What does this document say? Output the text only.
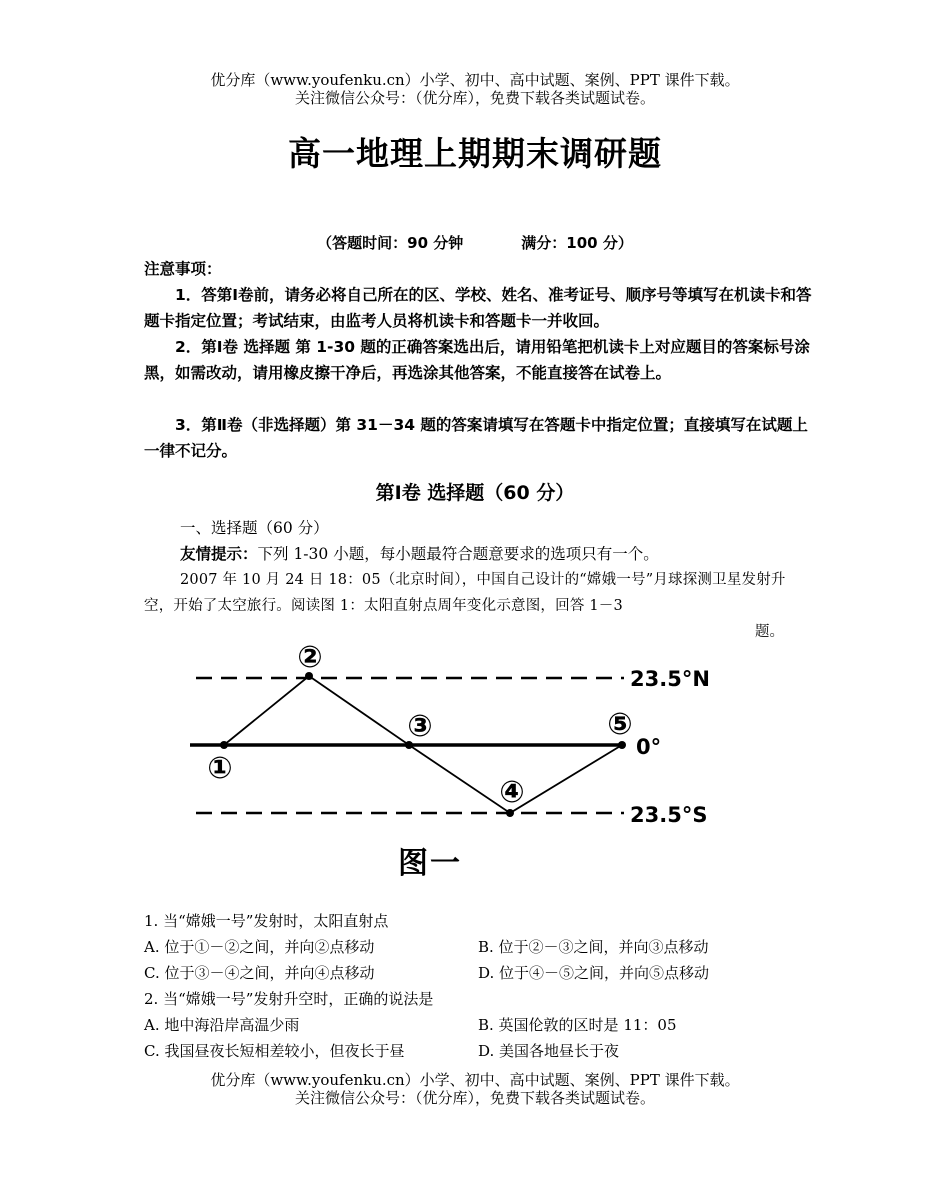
优分库（www.youfenku.cn）小学、初中、高中试题、案例、PPT 课件下载。
关注微信公众号：（优分库），免费下载各类试题试卷。
高一地理上期期末调研题
（答题时间：90 分钟	满分：100 分）
注意事项：
1．答第Ⅰ卷前，请务必将自己所在的区、学校、姓名、准考证号、顺序号等填写在机读卡和答题卡指定位置；考试结束，由监考人员将机读卡和答题卡一并收回。
2．第Ⅰ卷 选择题 第 1-30 题的正确答案选出后，请用铅笔把机读卡上对应题目的答案标号涂黑，如需改动，请用橡皮擦干净后，再选涂其他答案，不能直接答在试卷上。
3．第Ⅱ卷（非选择题）第 31－34 题的答案请填写在答题卡中指定位置；直接填写在试题上一律不记分。
第Ⅰ卷 选择题（60 分）
一、选择题（60 分）
友情提示：下列 1-30 小题，每小题最符合题意要求的选项只有一个。
2007 年 10 月 24 日 18：05（北京时间），中国自己设计的“嫦娥一号”月球探测卫星发射升空，开始了太空旅行。阅读图 1：太阳直射点周年变化示意图，回答 1－3
题。
①
②
③
④
⑤
23.5°N
0°
23.5°S
图一
1. 当“嫦娥一号”发射时，太阳直射点
A. 位于①－②之间，并向②点移动	B. 位于②－③之间，并向③点移动
C. 位于③－④之间，并向④点移动	D. 位于④－⑤之间，并向⑤点移动
2. 当“嫦娥一号”发射升空时，正确的说法是
A. 地中海沿岸高温少雨	B. 英国伦敦的区时是 11：05
C. 我国昼夜长短相差较小，但夜长于昼	D. 美国各地昼长于夜
优分库（www.youfenku.cn）小学、初中、高中试题、案例、PPT 课件下载。
关注微信公众号：（优分库），免费下载各类试题试卷。
